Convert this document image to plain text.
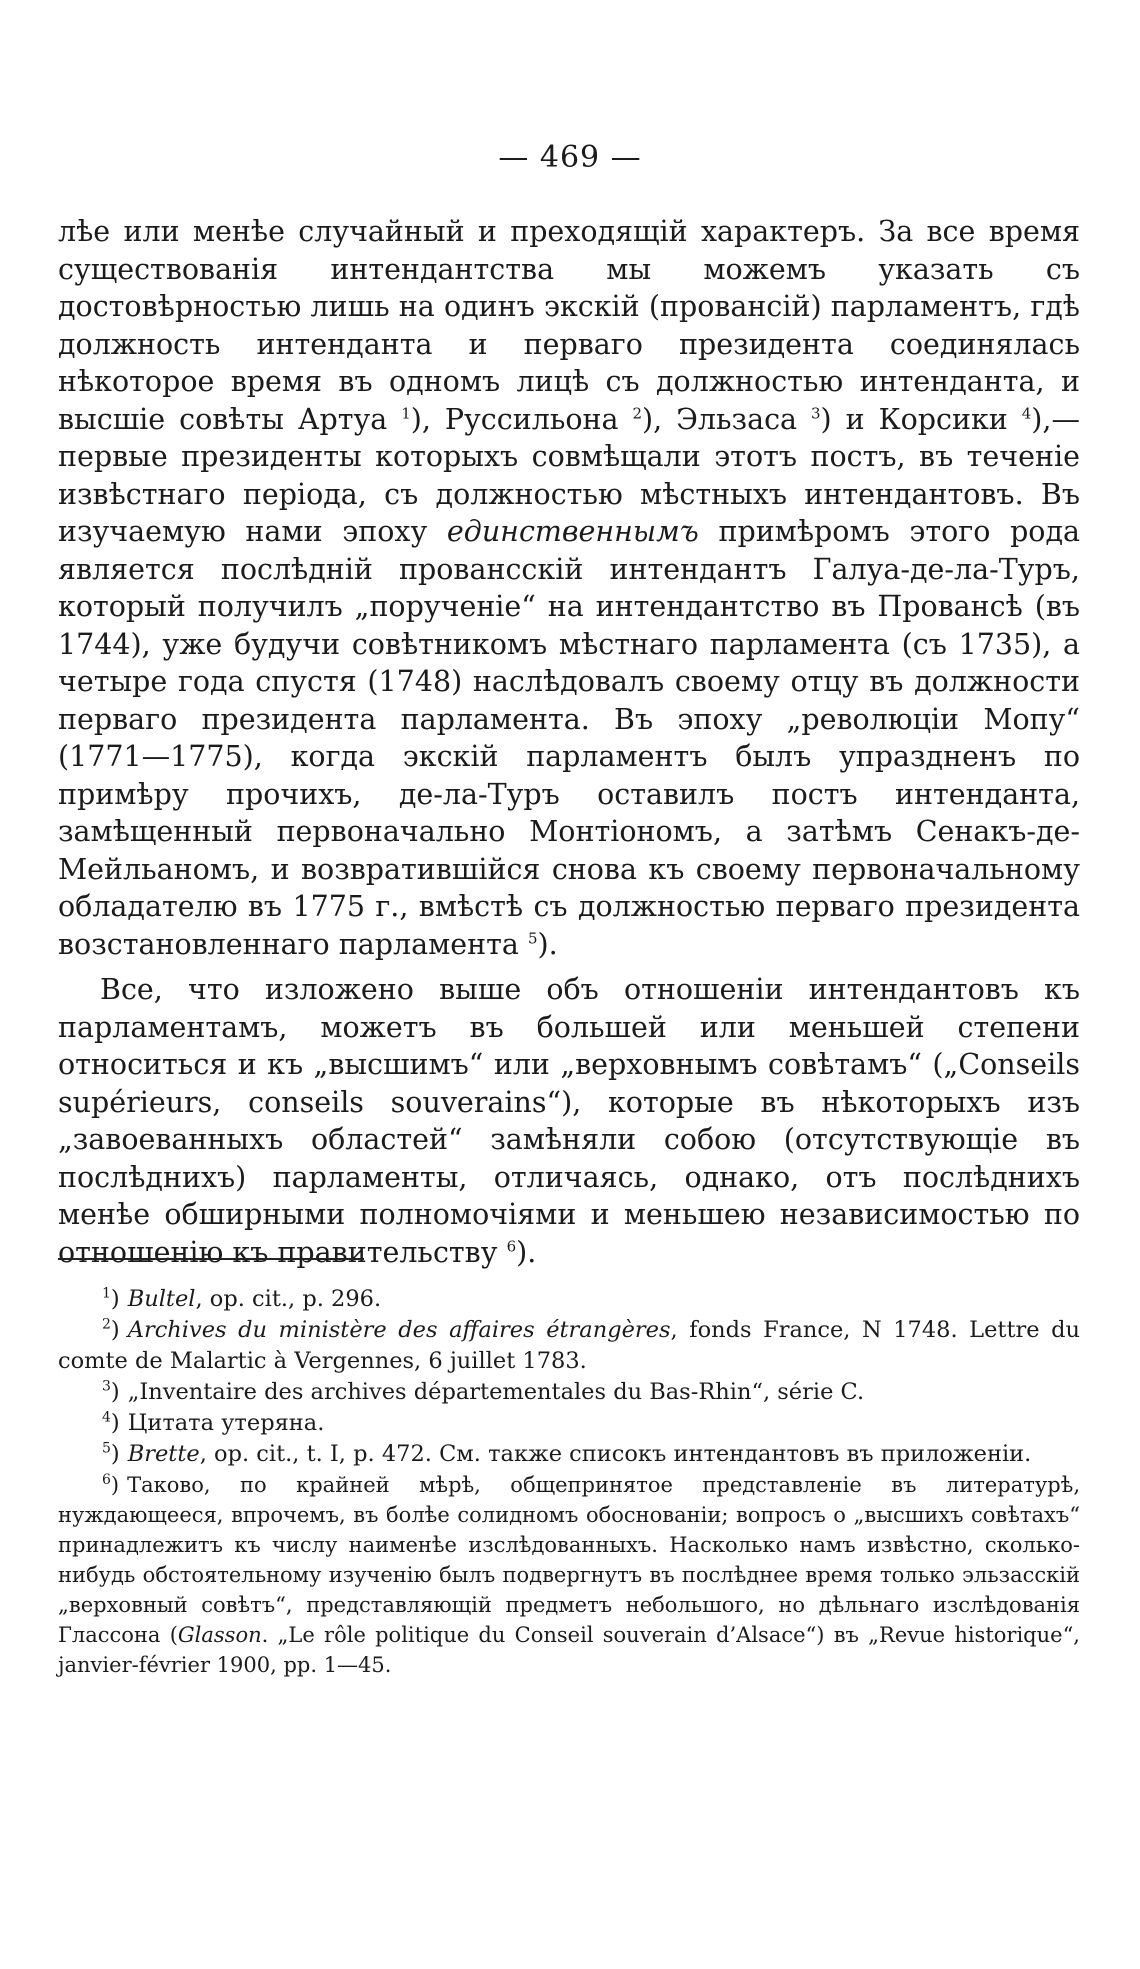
— 469 —

лѣе или менѣе случайный и преходящій характеръ. За все время существованія интендантства мы можемъ указать съ достовѣрностью лишь на одинъ экскій (провансій) парламентъ, гдѣ должность интенданта и перваго президента соединялась нѣкоторое время въ одномъ лицѣ съ должностью интенданта, и высшіе совѣты Артуа $^1$), Руссильона $^2$), Эльзаса $^3$) и Корсики $^4$),—первые президенты которыхъ совмѣщали этотъ постъ, въ теченіе извѣстнаго періода, съ должностью мѣстныхъ интендантовъ. Въ изучаемую нами эпоху единственнымъ примѣромъ этого рода является послѣдній провансскій интендантъ Галуа-де-ла-Туръ, который получилъ „порученіе“ на интендантство въ Провансѣ (въ 1744), уже будучи совѣтникомъ мѣстнаго парламента (съ 1735), а четыре года спустя (1748) наслѣдовалъ своему отцу въ должности перваго президента парламента. Въ эпоху „революціи Мопу“ (1771—1775), когда экскій парламентъ былъ упраздненъ по примѣру прочихъ, де-ла-Туръ оставилъ постъ интенданта, замѣщенный первоначально Монтіономъ, а затѣмъ Сенакъ-де-Мейльаномъ, и возвратившійся снова къ своему первоначальному обладателю въ 1775 г., вмѣстѣ съ должностью перваго президента возстановленнаго парламента $^5$).

Все, что изложено выше объ отношеніи интендантовъ къ парламентамъ, можетъ въ большей или меньшей степени относиться и къ „высшимъ“ или „верховнымъ совѣтамъ“ („Conseils supérieurs, conseils souverains“), которые въ нѣкоторыхъ изъ „завоеванныхъ областей“ замѣняли собою (отсутствующіе въ послѣднихъ) парламенты, отличаясь, однако, отъ послѣднихъ менѣе обширными полномочіями и меньшею независимостью по отношенію къ правительству $^6$).

$^1$) Bultel, op. cit., p. 296.

$^2$) Archives du ministère des affaires étrangères, fonds France, N 1748. Lettre du comte de Malartic à Vergennes, 6 juillet 1783.

$^3$) „Inventaire des archives départementales du Bas-Rhin“, série C.

$^4$) Цитата утеряна.

$^5$) Brette, op. cit., t. I, p. 472. См. также списокъ интендантовъ въ приложеніи.

$^6$) Таково, по крайней мѣрѣ, общепринятое представленіе въ литературѣ, нуждающееся, впрочемъ, въ болѣе солидномъ обоснованіи; вопросъ о „высшихъ совѣтахъ“ принадлежитъ къ числу наименѣе изслѣдованныхъ. Насколько намъ извѣстно, сколько-нибудь обстоятельному изученію былъ подвергнутъ въ послѣднее время только эльзасскій „верховный совѣтъ“, представляющій предметъ небольшого, но дѣльнаго изслѣдованія Глассона (Glasson. „Le rôle politique du Conseil souverain d’Alsace“) въ „Revue historique“, janvier-février 1900, pp. 1—45.
